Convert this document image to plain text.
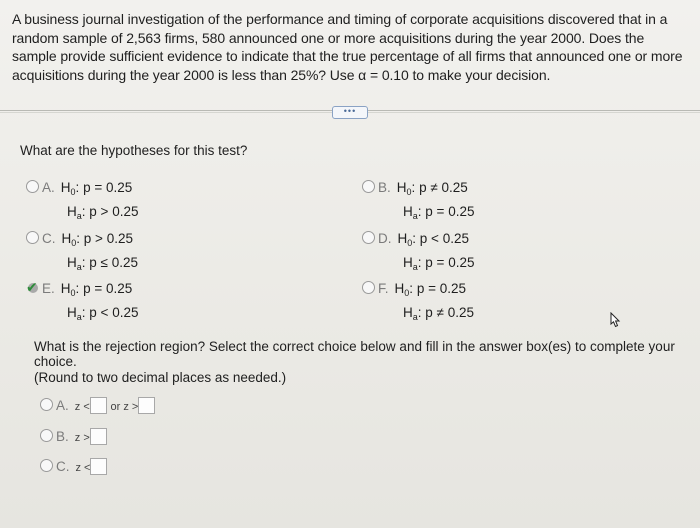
A business journal investigation of the performance and timing of corporate acquisitions discovered that in a random sample of 2,563 firms, 580 announced one or more acquisitions during the year 2000. Does the sample provide sufficient evidence to indicate that the true percentage of all firms that announced one or more acquisitions during the year 2000 is less than 25%? Use α = 0.10 to make your decision.
•••
What are the hypotheses for this test?
A. $H_0$: p = 0.25
$H_a$: p > 0.25
B. $H_0$: p ≠ 0.25
$H_a$: p = 0.25
C. $H_0$: p > 0.25
$H_a$: p ≤ 0.25
D. $H_0$: p < 0.25
$H_a$: p = 0.25
✔ E. $H_0$: p = 0.25
$H_a$: p < 0.25
F. $H_0$: p = 0.25
$H_a$: p ≠ 0.25
What is the rejection region? Select the correct choice below and fill in the answer box(es) to complete your choice.
(Round to two decimal places as needed.)
A. z < or z >
B. z >
C. z <
